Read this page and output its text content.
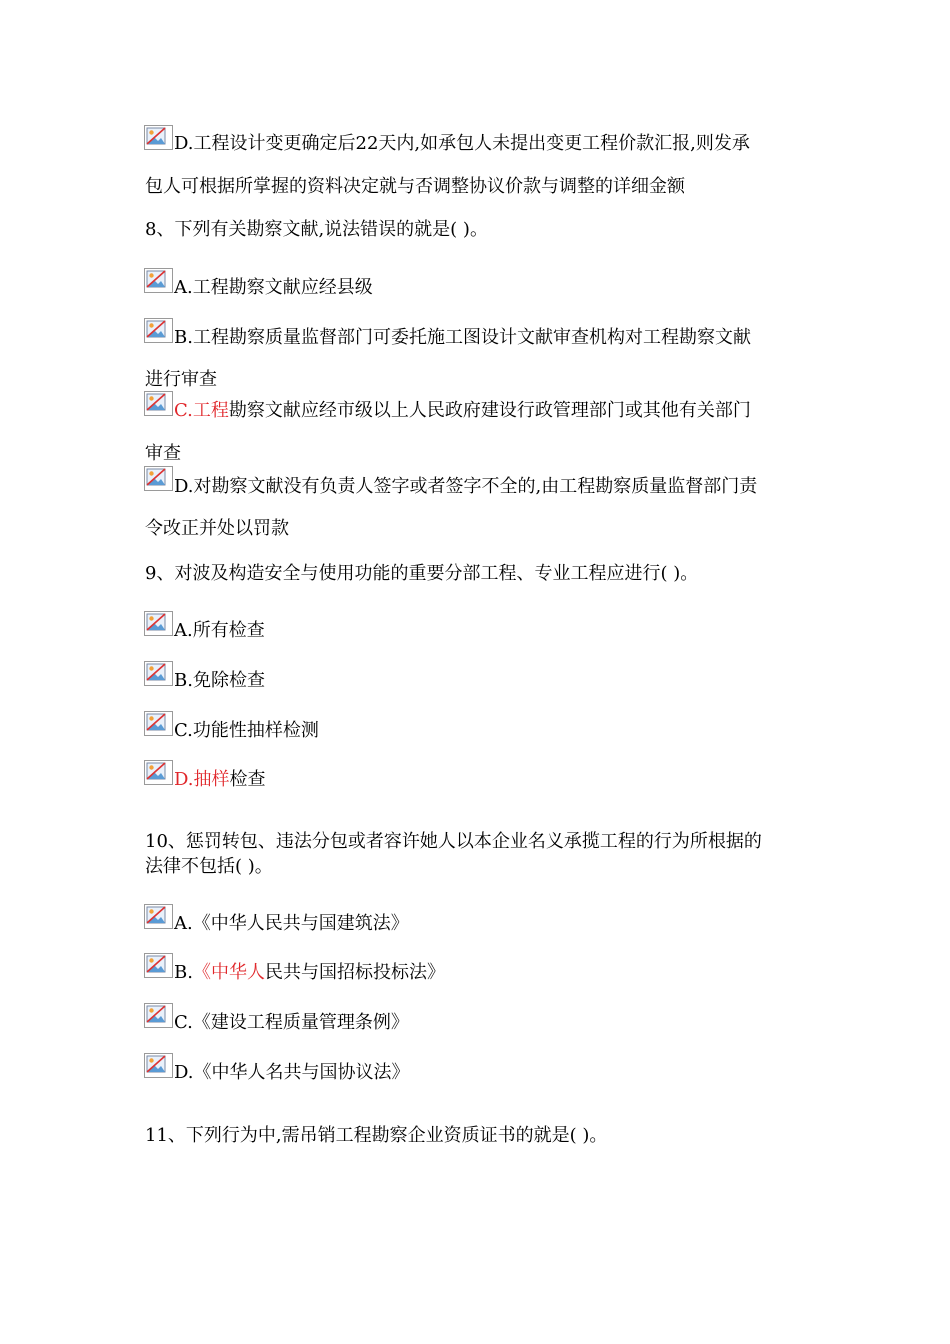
D.工程设计变更确定后22天内,如承包人未提出变更工程价款汇报,则发承
包人可根据所掌握的资料决定就与否调整协议价款与调整的详细金额
8、下列有关勘察文献,说法错误的就是( )。
A.工程勘察文献应经县级
B.工程勘察质量监督部门可委托施工图设计文献审查机构对工程勘察文献
进行审查
C.工程勘察文献应经市级以上人民政府建设行政管理部门或其他有关部门
审查
D.对勘察文献没有负责人签字或者签字不全的,由工程勘察质量监督部门责
令改正并处以罚款
9、对波及构造安全与使用功能的重要分部工程、专业工程应进行( )。
A.所有检查
B.免除检查
C.功能性抽样检测
D.抽样检查
10、惩罚转包、违法分包或者容许她人以本企业名义承揽工程的行为所根据的
法律不包括( )。
A.《中华人民共与国建筑法》
B.《中华人民共与国招标投标法》
C.《建设工程质量管理条例》
D.《中华人名共与国协议法》
11、下列行为中,需吊销工程勘察企业资质证书的就是( )。
